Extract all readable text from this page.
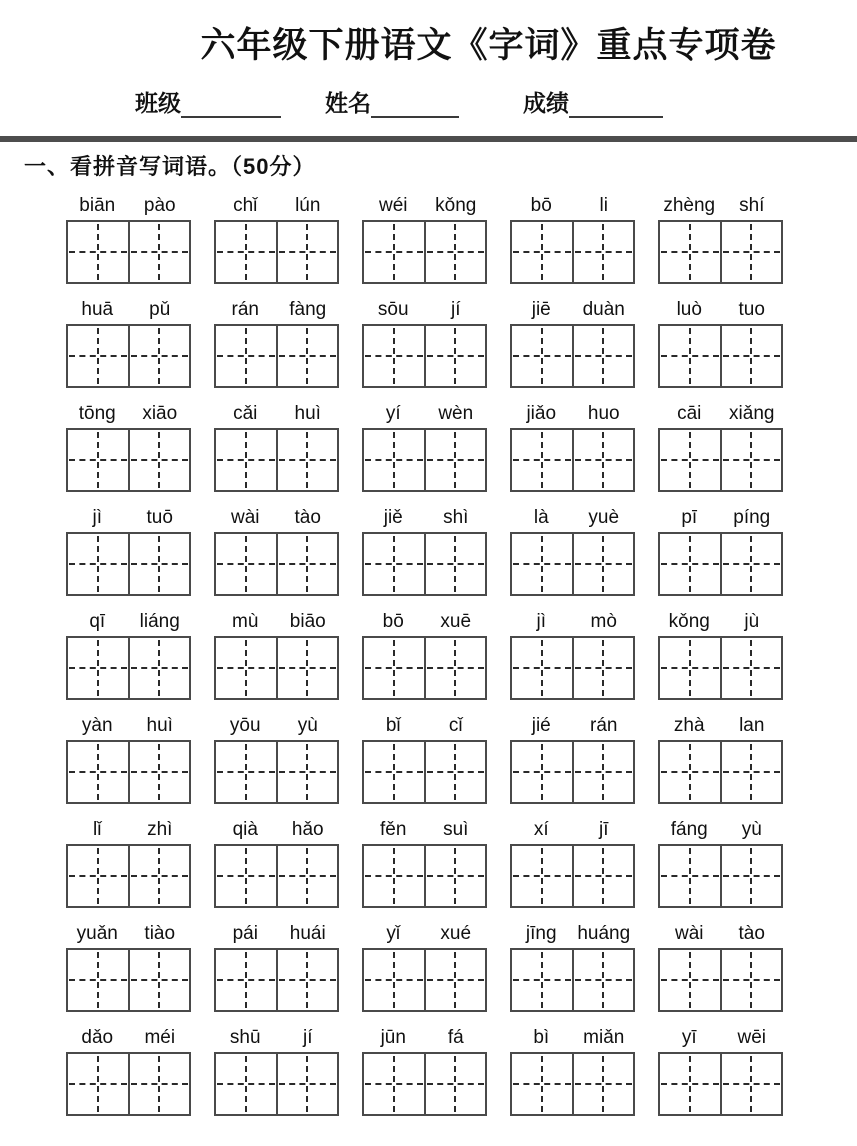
六年级下册语文《字词》重点专项卷
班级	姓名	成绩
一、看拼音写词语。（50分）
biān	pào	chǐ	lún	wéi	kǒng	bō	li	zhèng	shí
huā	pǔ	rán	fàng	sōu	jí	jiē	duàn	luò	tuo
tōng	xiāo	cǎi	huì	yí	wèn	jiǎo	huo	cāi	xiǎng
jì	tuō	wài	tào	jiě	shì	là	yuè	pī	píng
qī	liáng	mù	biāo	bō	xuē	jì	mò	kǒng	jù
yàn	huì	yōu	yù	bǐ	cǐ	jié	rán	zhà	lan
lǐ	zhì	qià	hǎo	fěn	suì	xí	jī	fáng	yù
yuǎn	tiào	pái	huái	yǐ	xué	jīng	huáng	wài	tào
dǎo	méi	shū	jí	jūn	fá	bì	miǎn	yī	wēi
